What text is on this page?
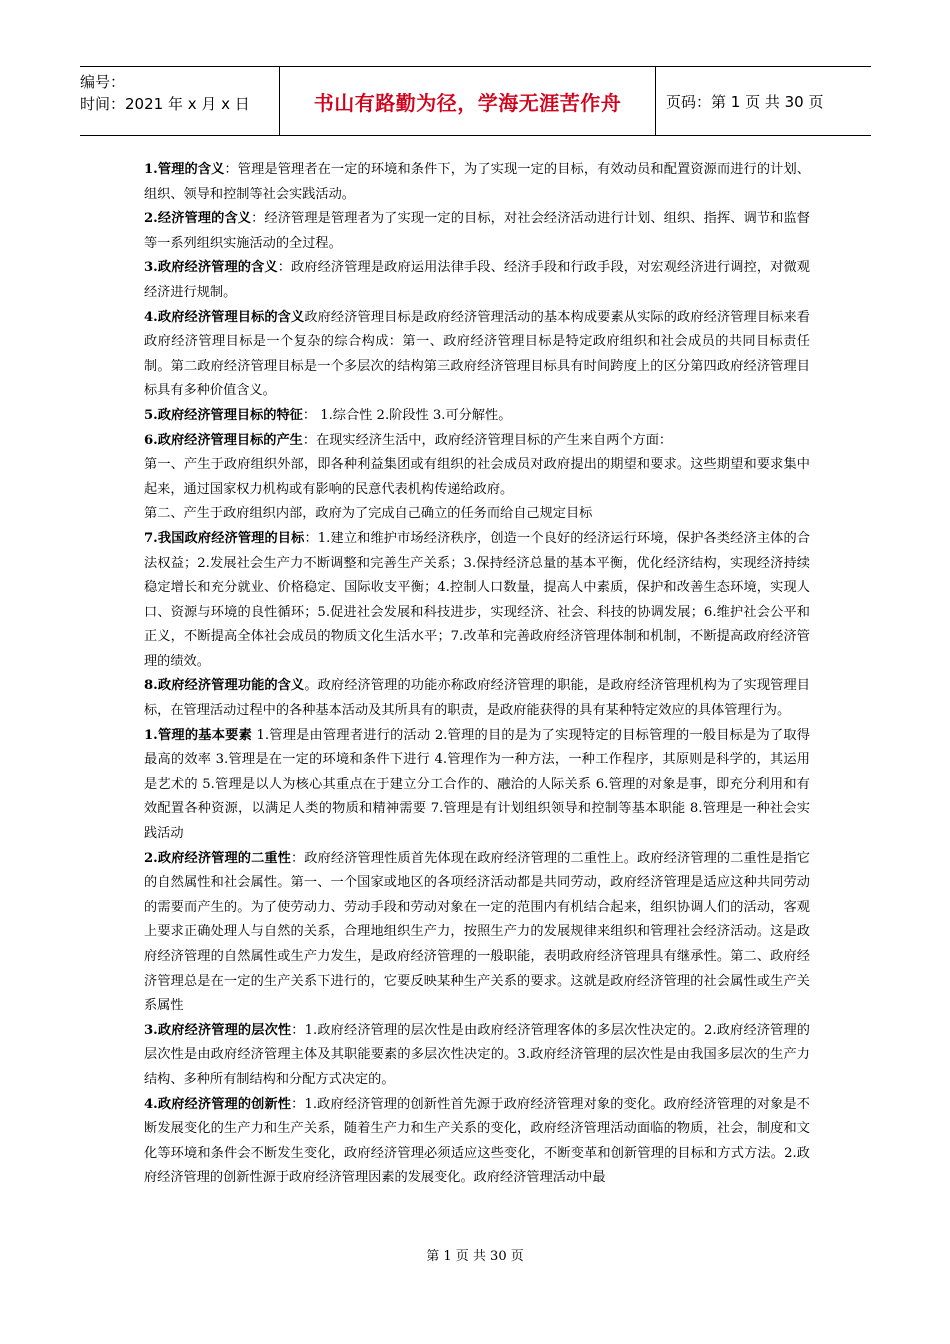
编号：
时间：2021 年 x 月 x 日	书山有路勤为径，学海无涯苦作舟	页码：第 1 页 共 30 页

1.管理的含义：管理是管理者在一定的环境和条件下，为了实现一定的目标，有效动员和配置资源而进行的计划、组织、领导和控制等社会实践活动。

2.经济管理的含义：经济管理是管理者为了实现一定的目标，对社会经济活动进行计划、组织、指挥、调节和监督等一系列组织实施活动的全过程。

3.政府经济管理的含义：政府经济管理是政府运用法律手段、经济手段和行政手段，对宏观经济进行调控，对微观经济进行规制。

4.政府经济管理目标的含义政府经济管理目标是政府经济管理活动的基本构成要素从实际的政府经济管理目标来看政府经济管理目标是一个复杂的综合构成：第一、政府经济管理目标是特定政府组织和社会成员的共同目标责任制。第二政府经济管理目标是一个多层次的结构第三政府经济管理目标具有时间跨度上的区分第四政府经济管理目标具有多种价值含义。

5.政府经济管理目标的特征： 1.综合性 2.阶段性 3.可分解性。

6.政府经济管理目标的产生：在现实经济生活中，政府经济管理目标的产生来自两个方面：

第一、产生于政府组织外部，即各种利益集团或有组织的社会成员对政府提出的期望和要求。这些期望和要求集中起来，通过国家权力机构或有影响的民意代表机构传递给政府。

第二、产生于政府组织内部，政府为了完成自己确立的任务而给自己规定目标

7.我国政府经济管理的目标：1.建立和维护市场经济秩序，创造一个良好的经济运行环境，保护各类经济主体的合法权益；2.发展社会生产力不断调整和完善生产关系；3.保持经济总量的基本平衡，优化经济结构，实现经济持续稳定增长和充分就业、价格稳定、国际收支平衡；4.控制人口数量，提高人中素质，保护和改善生态环境，实现人口、资源与环境的良性循环；5.促进社会发展和科技进步，实现经济、社会、科技的协调发展；6.维护社会公平和正义，不断提高全体社会成员的物质文化生活水平；7.改革和完善政府经济管理体制和机制，不断提高政府经济管理的绩效。

8.政府经济管理功能的含义。政府经济管理的功能亦称政府经济管理的职能，是政府经济管理机构为了实现管理目标，在管理活动过程中的各种基本活动及其所具有的职责，是政府能获得的具有某种特定效应的具体管理行为。

1.管理的基本要素 1.管理是由管理者进行的活动 2.管理的目的是为了实现特定的目标管理的一般目标是为了取得最高的效率 3.管理是在一定的环境和条件下进行 4.管理作为一种方法，一种工作程序，其原则是科学的，其运用是艺术的 5.管理是以人为核心其重点在于建立分工合作的、融洽的人际关系 6.管理的对象是事，即充分利用和有效配置各种资源，以满足人类的物质和精神需要 7.管理是有计划组织领导和控制等基本职能 8.管理是一种社会实践活动

2.政府经济管理的二重性：政府经济管理性质首先体现在政府经济管理的二重性上。政府经济管理的二重性是指它的自然属性和社会属性。第一、一个国家或地区的各项经济活动都是共同劳动，政府经济管理是适应这种共同劳动的需要而产生的。为了使劳动力、劳动手段和劳动对象在一定的范围内有机结合起来，组织协调人们的活动，客观上要求正确处理人与自然的关系，合理地组织生产力，按照生产力的发展规律来组织和管理社会经济活动。这是政府经济管理的自然属性或生产力发生，是政府经济管理的一般职能，表明政府经济管理具有继承性。第二、政府经济管理总是在一定的生产关系下进行的，它要反映某种生产关系的要求。这就是政府经济管理的社会属性或生产关系属性

3.政府经济管理的层次性：1.政府经济管理的层次性是由政府经济管理客体的多层次性决定的。2.政府经济管理的层次性是由政府经济管理主体及其职能要素的多层次性决定的。3.政府经济管理的层次性是由我国多层次的生产力结构、多种所有制结构和分配方式决定的。

4.政府经济管理的创新性：1.政府经济管理的创新性首先源于政府经济管理对象的变化。政府经济管理的对象是不断发展变化的生产力和生产关系，随着生产力和生产关系的变化，政府经济管理活动面临的物质，社会，制度和文化等环境和条件会不断发生变化，政府经济管理必须适应这些变化，不断变革和创新管理的目标和方式方法。2.政府经济管理的创新性源于政府经济管理因素的发展变化。政府经济管理活动中最

第 1 页 共 30 页
